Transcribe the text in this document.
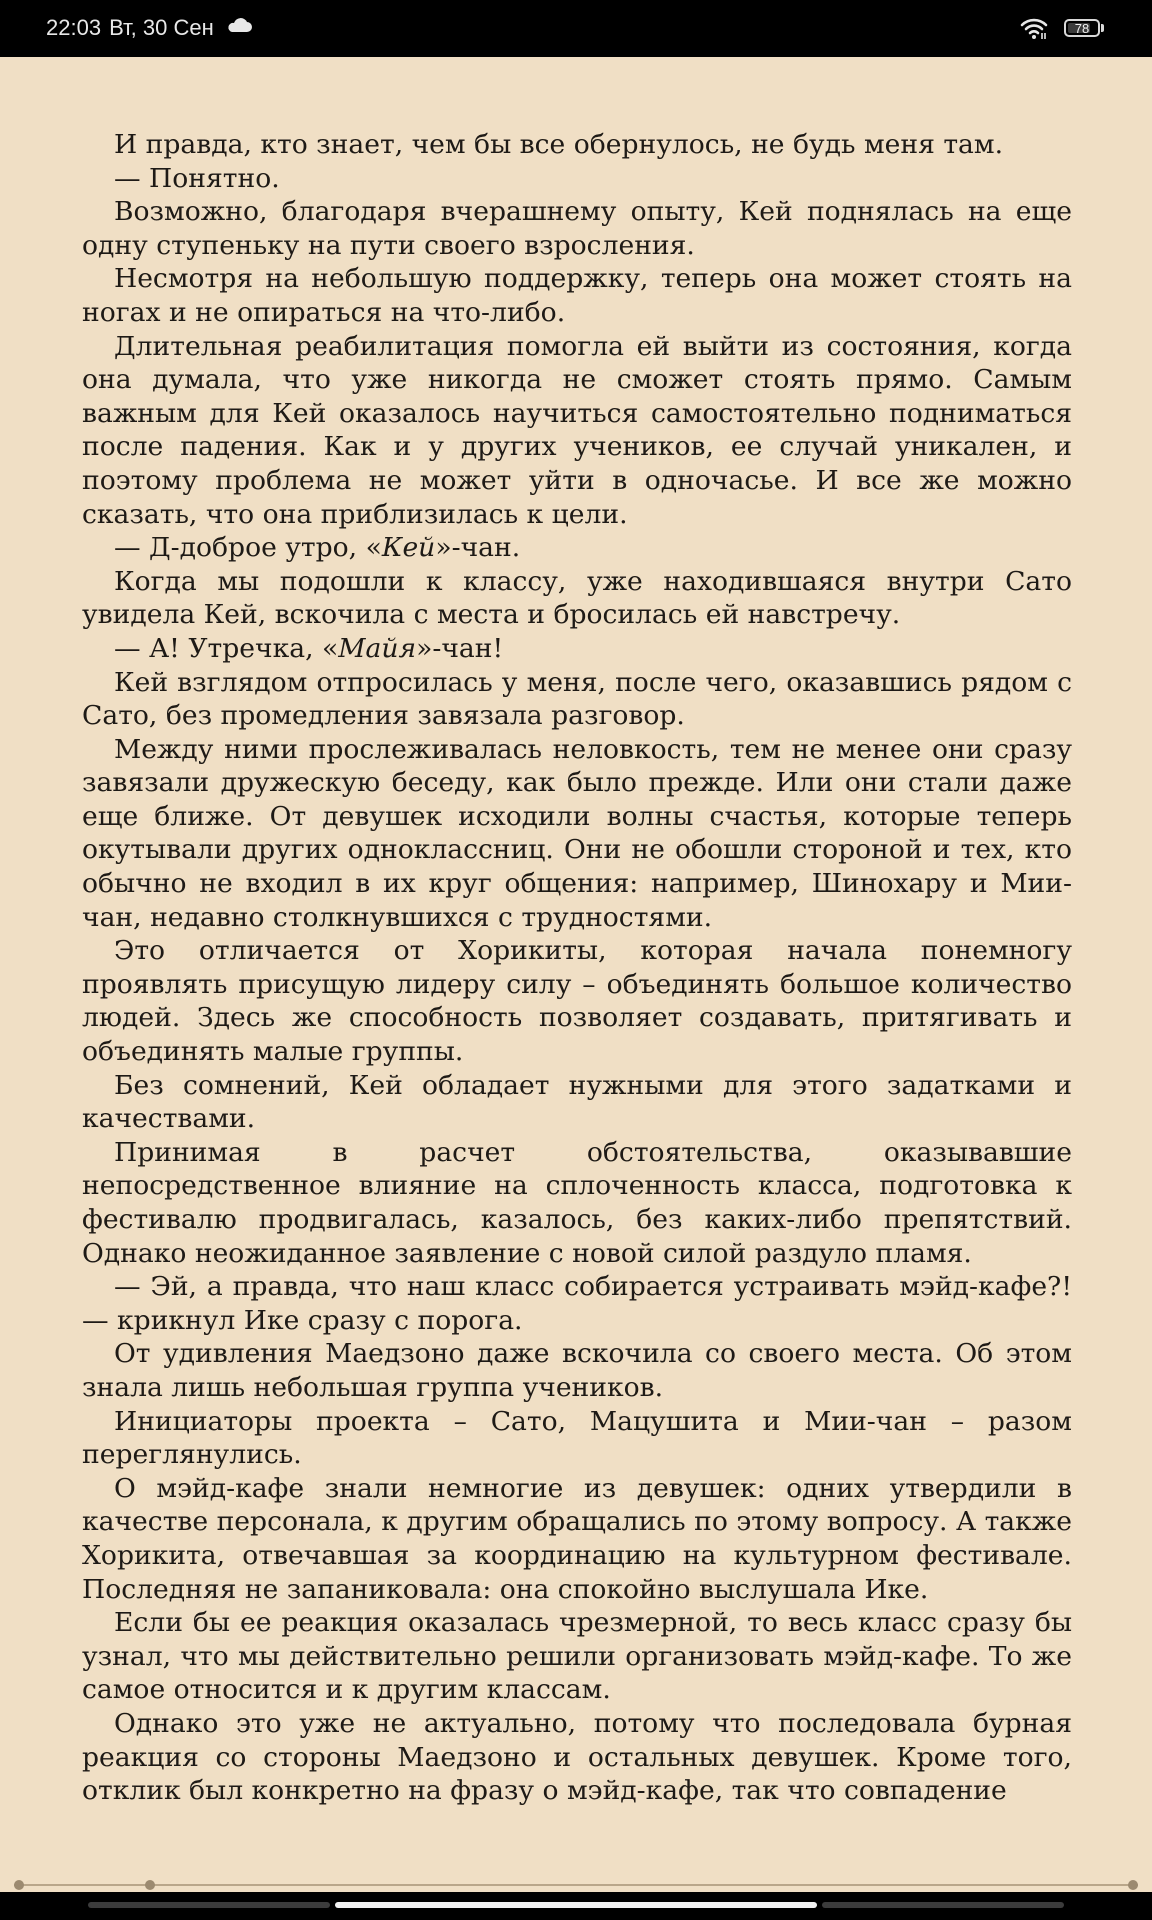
22:03 Вт, 30 Сен	78

И правда, кто знает, чем бы все обернулось, не будь меня там.

— Понятно.

Возможно, благодаря вчерашнему опыту, Кей поднялась на еще одну ступеньку на пути своего взросления.

Несмотря на небольшую поддержку, теперь она может стоять на ногах и не опираться на что-либо.

Длительная реабилитация помогла ей выйти из состояния, когда она думала, что уже никогда не сможет стоять прямо. Самым важным для Кей оказалось научиться самостоятельно подниматься после падения. Как и у других учеников, ее случай уникален, и поэтому проблема не может уйти в одночасье. И все же можно сказать, что она приблизилась к цели.

— Д-доброе утро, «Кей»-чан.

Когда мы подошли к классу, уже находившаяся внутри Сато увидела Кей, вскочила с места и бросилась ей навстречу.

— А! Утречка, «Майя»-чан!

Кей взглядом отпросилась у меня, после чего, оказавшись рядом с Сато, без промедления завязала разговор.

Между ними прослеживалась неловкость, тем не менее они сразу завязали дружескую беседу, как было прежде. Или они стали даже еще ближе. От девушек исходили волны счастья, которые теперь окутывали других одноклассниц. Они не обошли стороной и тех, кто обычно не входил в их круг общения: например, Шинохару и Мии-чан, недавно столкнувшихся с трудностями.

Это отличается от Хорикиты, которая начала понемногу проявлять присущую лидеру силу – объединять большое количество людей. Здесь же способность позволяет создавать, притягивать и объединять малые группы.

Без сомнений, Кей обладает нужными для этого задатками и качествами.

Принимая в расчет обстоятельства, оказывавшие непосредственное влияние на сплоченность класса, подготовка к фестивалю продвигалась, казалось, без каких-либо препятствий. Однако неожиданное заявление с новой силой раздуло пламя.

— Эй, а правда, что наш класс собирается устраивать мэйд-кафе?! — крикнул Ике сразу с порога.

От удивления Маедзоно даже вскочила со своего места. Об этом знала лишь небольшая группа учеников.

Инициаторы проекта – Сато, Мацушита и Мии-чан – разом переглянулись.

О мэйд-кафе знали немногие из девушек: одних утвердили в качестве персонала, к другим обращались по этому вопросу. А также Хорикита, отвечавшая за координацию на культурном фестивале. Последняя не запаниковала: она спокойно выслушала Ике.

Если бы ее реакция оказалась чрезмерной, то весь класс сразу бы узнал, что мы действительно решили организовать мэйд-кафе. То же самое относится и к другим классам.

Однако это уже не актуально, потому что последовала бурная реакция со стороны Маедзоно и остальных девушек. Кроме того, отклик был конкретно на фразу о мэйд-кафе, так что совпадение
